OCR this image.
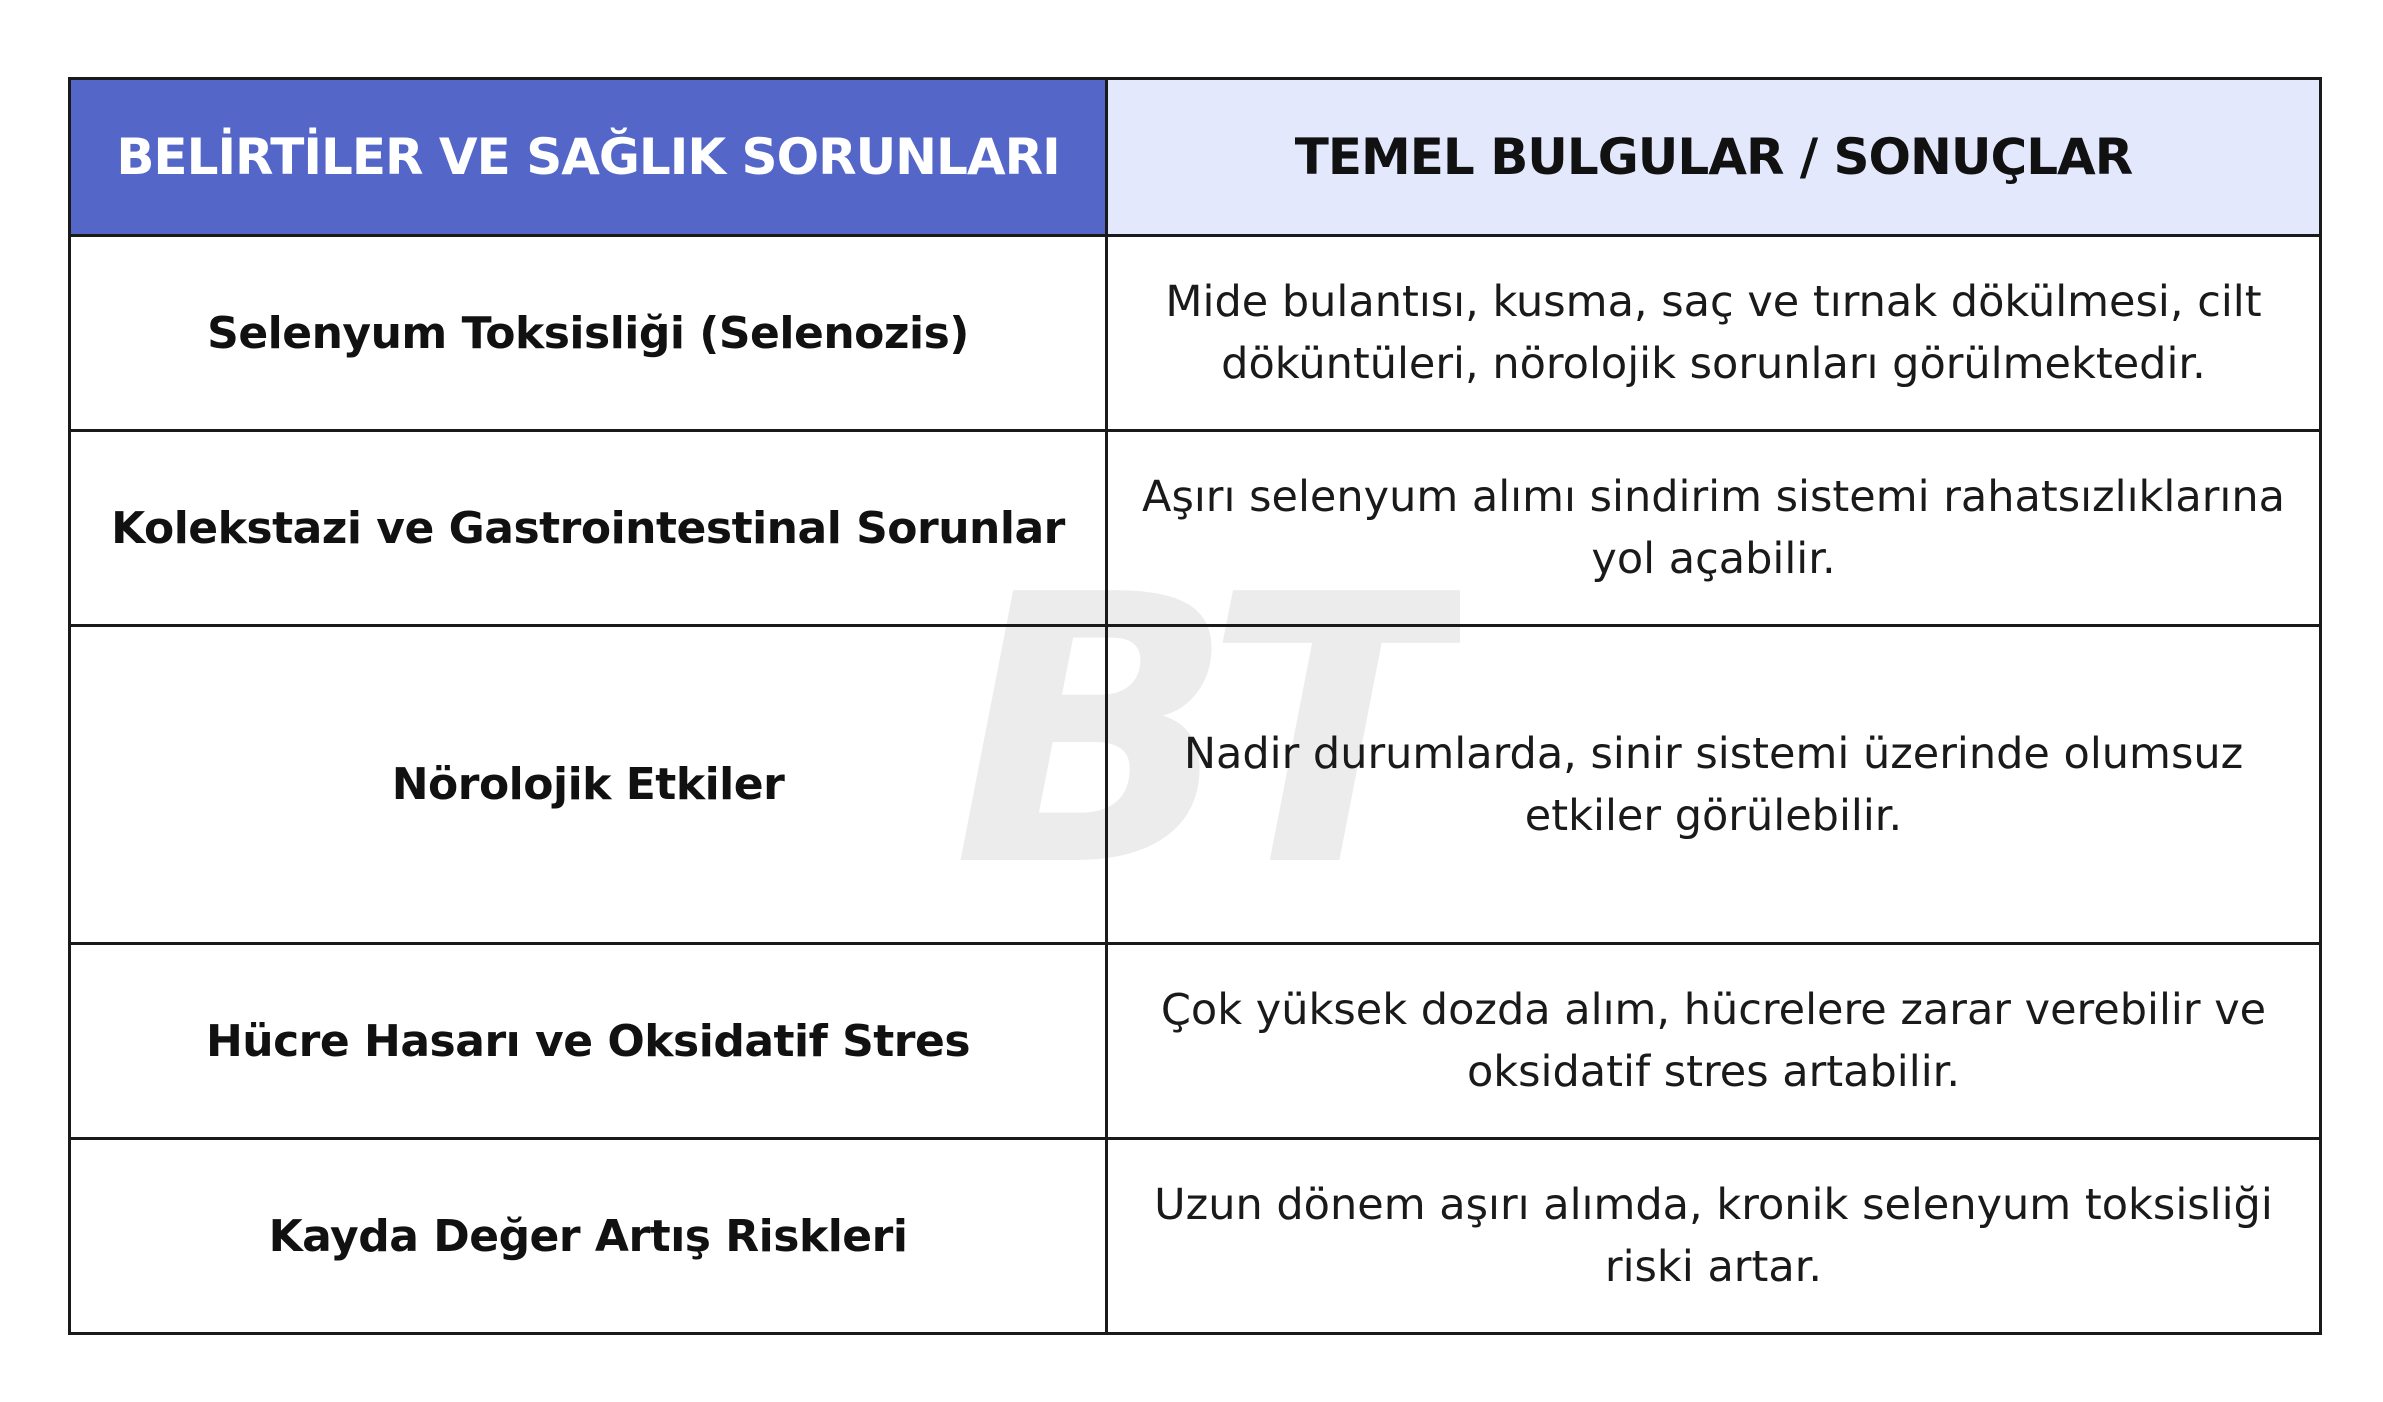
BT
BELİRTİLER VE SAĞLIK SORUNLARI	TEMEL BULGULAR / SONUÇLAR
Selenyum Toksisliği (Selenozis)	Mide bulantısı, kusma, saç ve tırnak dökülmesi, cilt döküntüleri, nörolojik sorunları görülmektedir.
Kolekstazi ve Gastrointestinal Sorunlar	Aşırı selenyum alımı sindirim sistemi rahatsızlıklarına yol açabilir.
Nörolojik Etkiler	Nadir durumlarda, sinir sistemi üzerinde olumsuz etkiler görülebilir.
Hücre Hasarı ve Oksidatif Stres	Çok yüksek dozda alım, hücrelere zarar verebilir ve oksidatif stres artabilir.
Kayda Değer Artış Riskleri	Uzun dönem aşırı alımda, kronik selenyum toksisliği riski artar.
